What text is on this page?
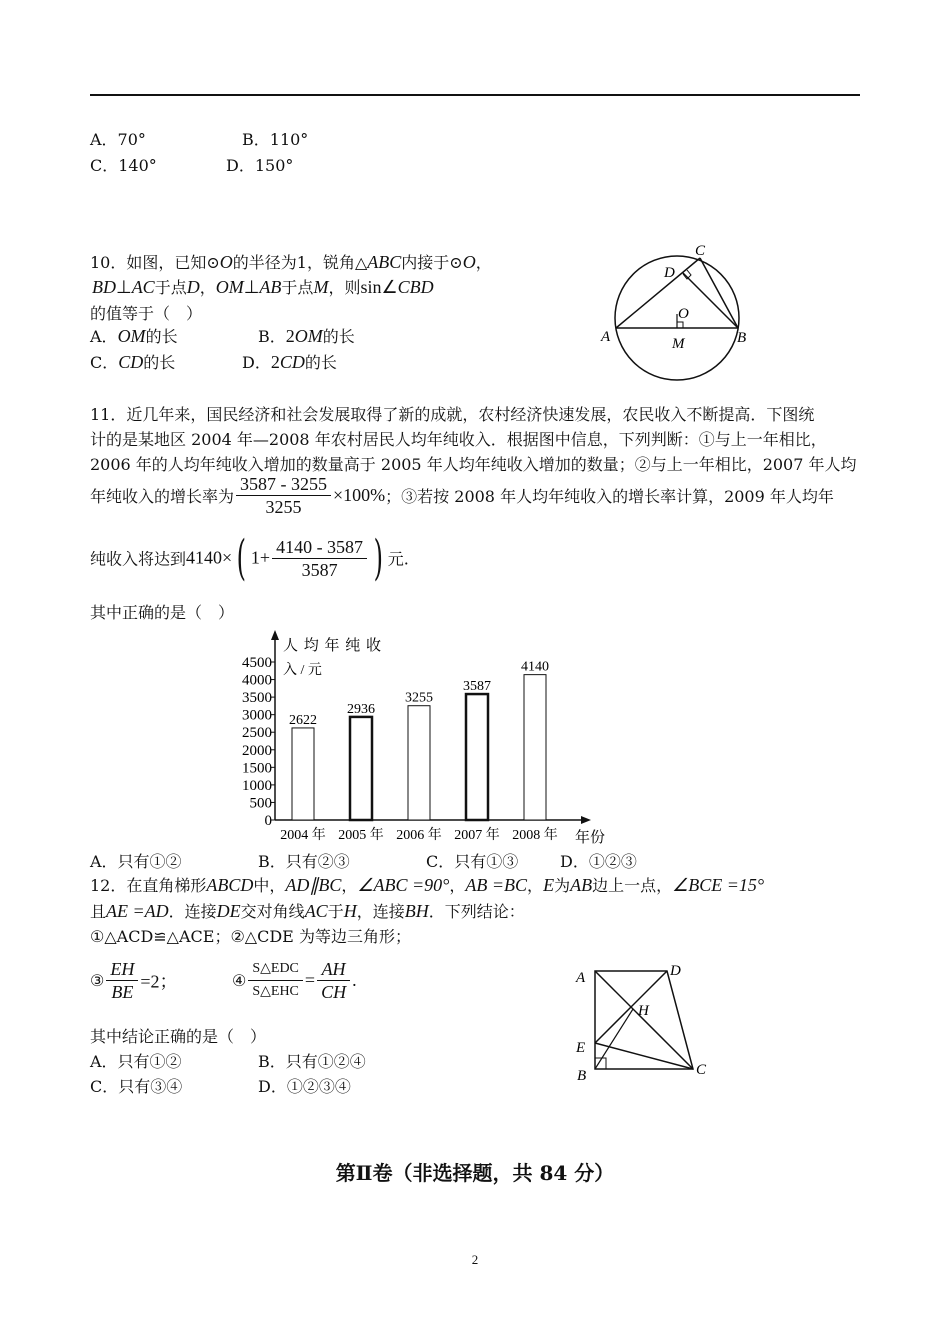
A．70°	B．110°
C．140°	D．150°
10．如图，已知⊙O的半径为1，锐角△ABC内接于⊙O，
BD⊥AC于点D，OM⊥AB于点M，则sin∠CBD
的值等于（　）
A．OM的长	B．2OM的长
C．CD的长	D．2CD的长
C
D
O
A	B
M
11．近几年来，国民经济和社会发展取得了新的成就，农村经济快速发展，农民收入不断提高．下图统
计的是某地区 2004 年—2008 年农村居民人均年纯收入．根据图中信息，下列判断：①与上一年相比，
2006 年的人均年纯收入增加的数量高于 2005 年人均年纯收入增加的数量；②与上一年相比，2007 年人均
年纯收入的增长率为 $\frac{3587 - 3255}{3255} \times 100\%$；③若按 2008 年人均年纯收入的增长率计算，2009 年人均年
纯收入将达到4140×( $1+ \frac{4140 - 3587}{3587}$ ) 元.
其中正确的是（　）
人 均 年 纯 收
入 / 元
年份
0
500
1000
1500
2000
2500
3000
3500
4000
4500
2622
2004 年
2936
2005 年
3255
2006 年
3587
2007 年
4140
2008 年
A．只有①②	B．只有②③	C．只有①③	D．①②③
12．在直角梯形ABCD中，AD∥BC，∠ABC =90°，AB =BC，E为AB边上一点，∠BCE =15°
且AE =AD．连接DE交对角线AC于H，连接BH．下列结论：
①△ACD≌△ACE；②△CDE 为等边三角形；
③ $\frac{EH}{BE} =2$；	④ $\frac{\text{S△EDC}}{\text{S△EHC}} = \frac{AH}{CH}$ .
其中结论正确的是（　）
A．只有①②	B．只有①②④
C．只有③④	D．①②③④
A	D
H
E
B	C
第Ⅱ卷（非选择题，共 84 分）
2
